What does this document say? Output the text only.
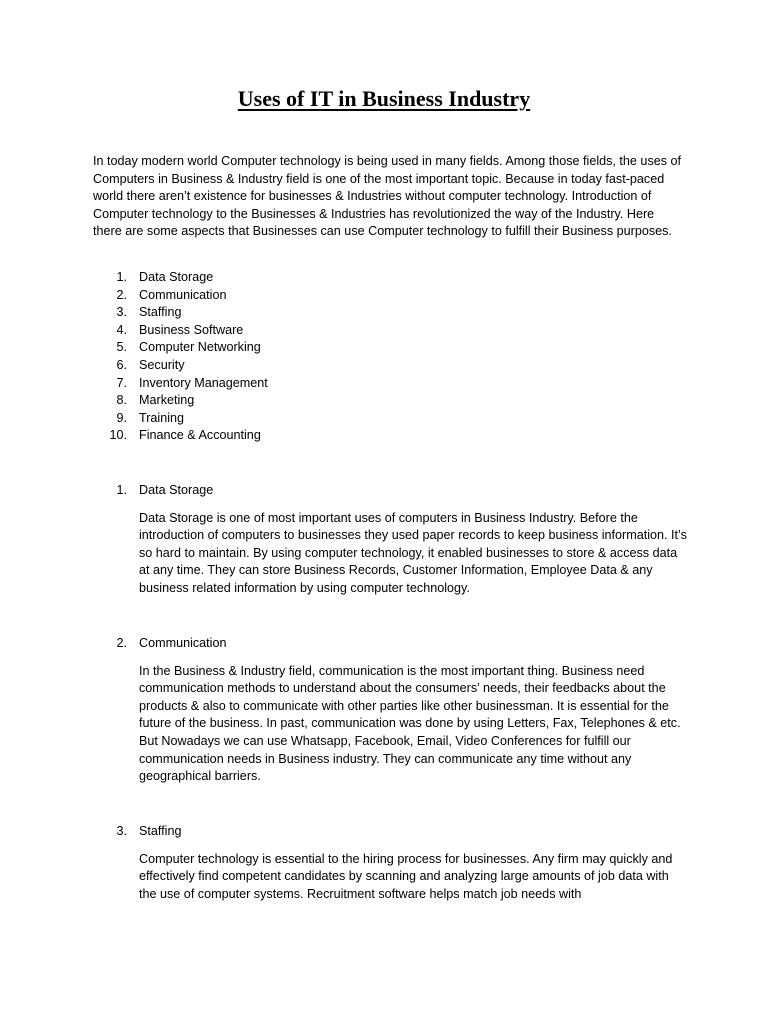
Uses of IT in Business Industry

In today modern world Computer technology is being used in many fields. Among those fields, the uses of Computers in Business & Industry field is one of the most important topic. Because in today fast-paced world there aren’t existence for businesses & Industries without computer technology. Introduction of Computer technology to the Businesses & Industries has revolutionized the way of the Industry. Here there are some aspects that Businesses can use Computer technology to fulfill their Business purposes.

1. Data Storage
2. Communication
3. Staffing
4. Business Software
5. Computer Networking
6. Security
7. Inventory Management
8. Marketing
9. Training
10. Finance & Accounting
1. Data Storage
Data Storage is one of most important uses of computers in Business Industry. Before the introduction of computers to businesses they used paper records to keep business information. It’s so hard to maintain. By using computer technology, it enabled businesses to store & access data at any time. They can store Business Records, Customer Information, Employee Data & any business related information by using computer technology.
2. Communication
In the Business & Industry field, communication is the most important thing. Business need communication methods to understand about the consumers’ needs, their feedbacks about the products & also to communicate with other parties like other businessman. It is essential for the future of the business. In past, communication was done by using Letters, Fax, Telephones & etc. But Nowadays we can use Whatsapp, Facebook, Email, Video Conferences for fulfill our communication needs in Business industry. They can communicate any time without any geographical barriers.
3. Staffing
Computer technology is essential to the hiring process for businesses. Any firm may quickly and effectively find competent candidates by scanning and analyzing large amounts of job data with the use of computer systems. Recruitment software helps match job needs with
